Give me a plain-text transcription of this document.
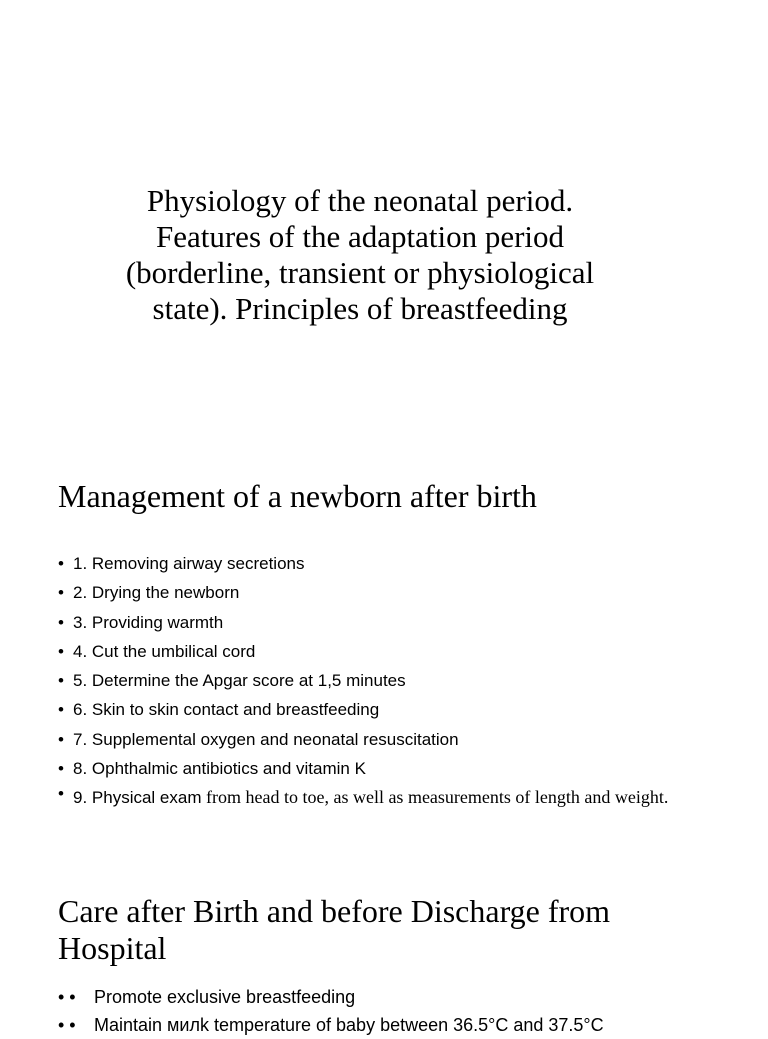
Physiology of the neonatal period.
Features of the adaptation period
(borderline, transient or physiological
state). Principles of breastfeeding
Management of a newborn after birth
• 1. Removing airway secretions
• 2. Drying the newborn
• 3. Providing warmth
• 4. Cut the umbilical cord
• 5. Determine the Apgar score at 1,5 minutes
• 6. Skin to skin contact and breastfeeding
• 7. Supplemental oxygen and neonatal resuscitation
• 8. Ophthalmic antibiotics and vitamin K
• 9. Physical exam from head to toe, as well as measurements of length and weight.
Care after Birth and before Discharge from
Hospital
• • Promote exclusive breastfeeding
• • Maintain милk temperature of baby between 36.5°C and 37.5°C
